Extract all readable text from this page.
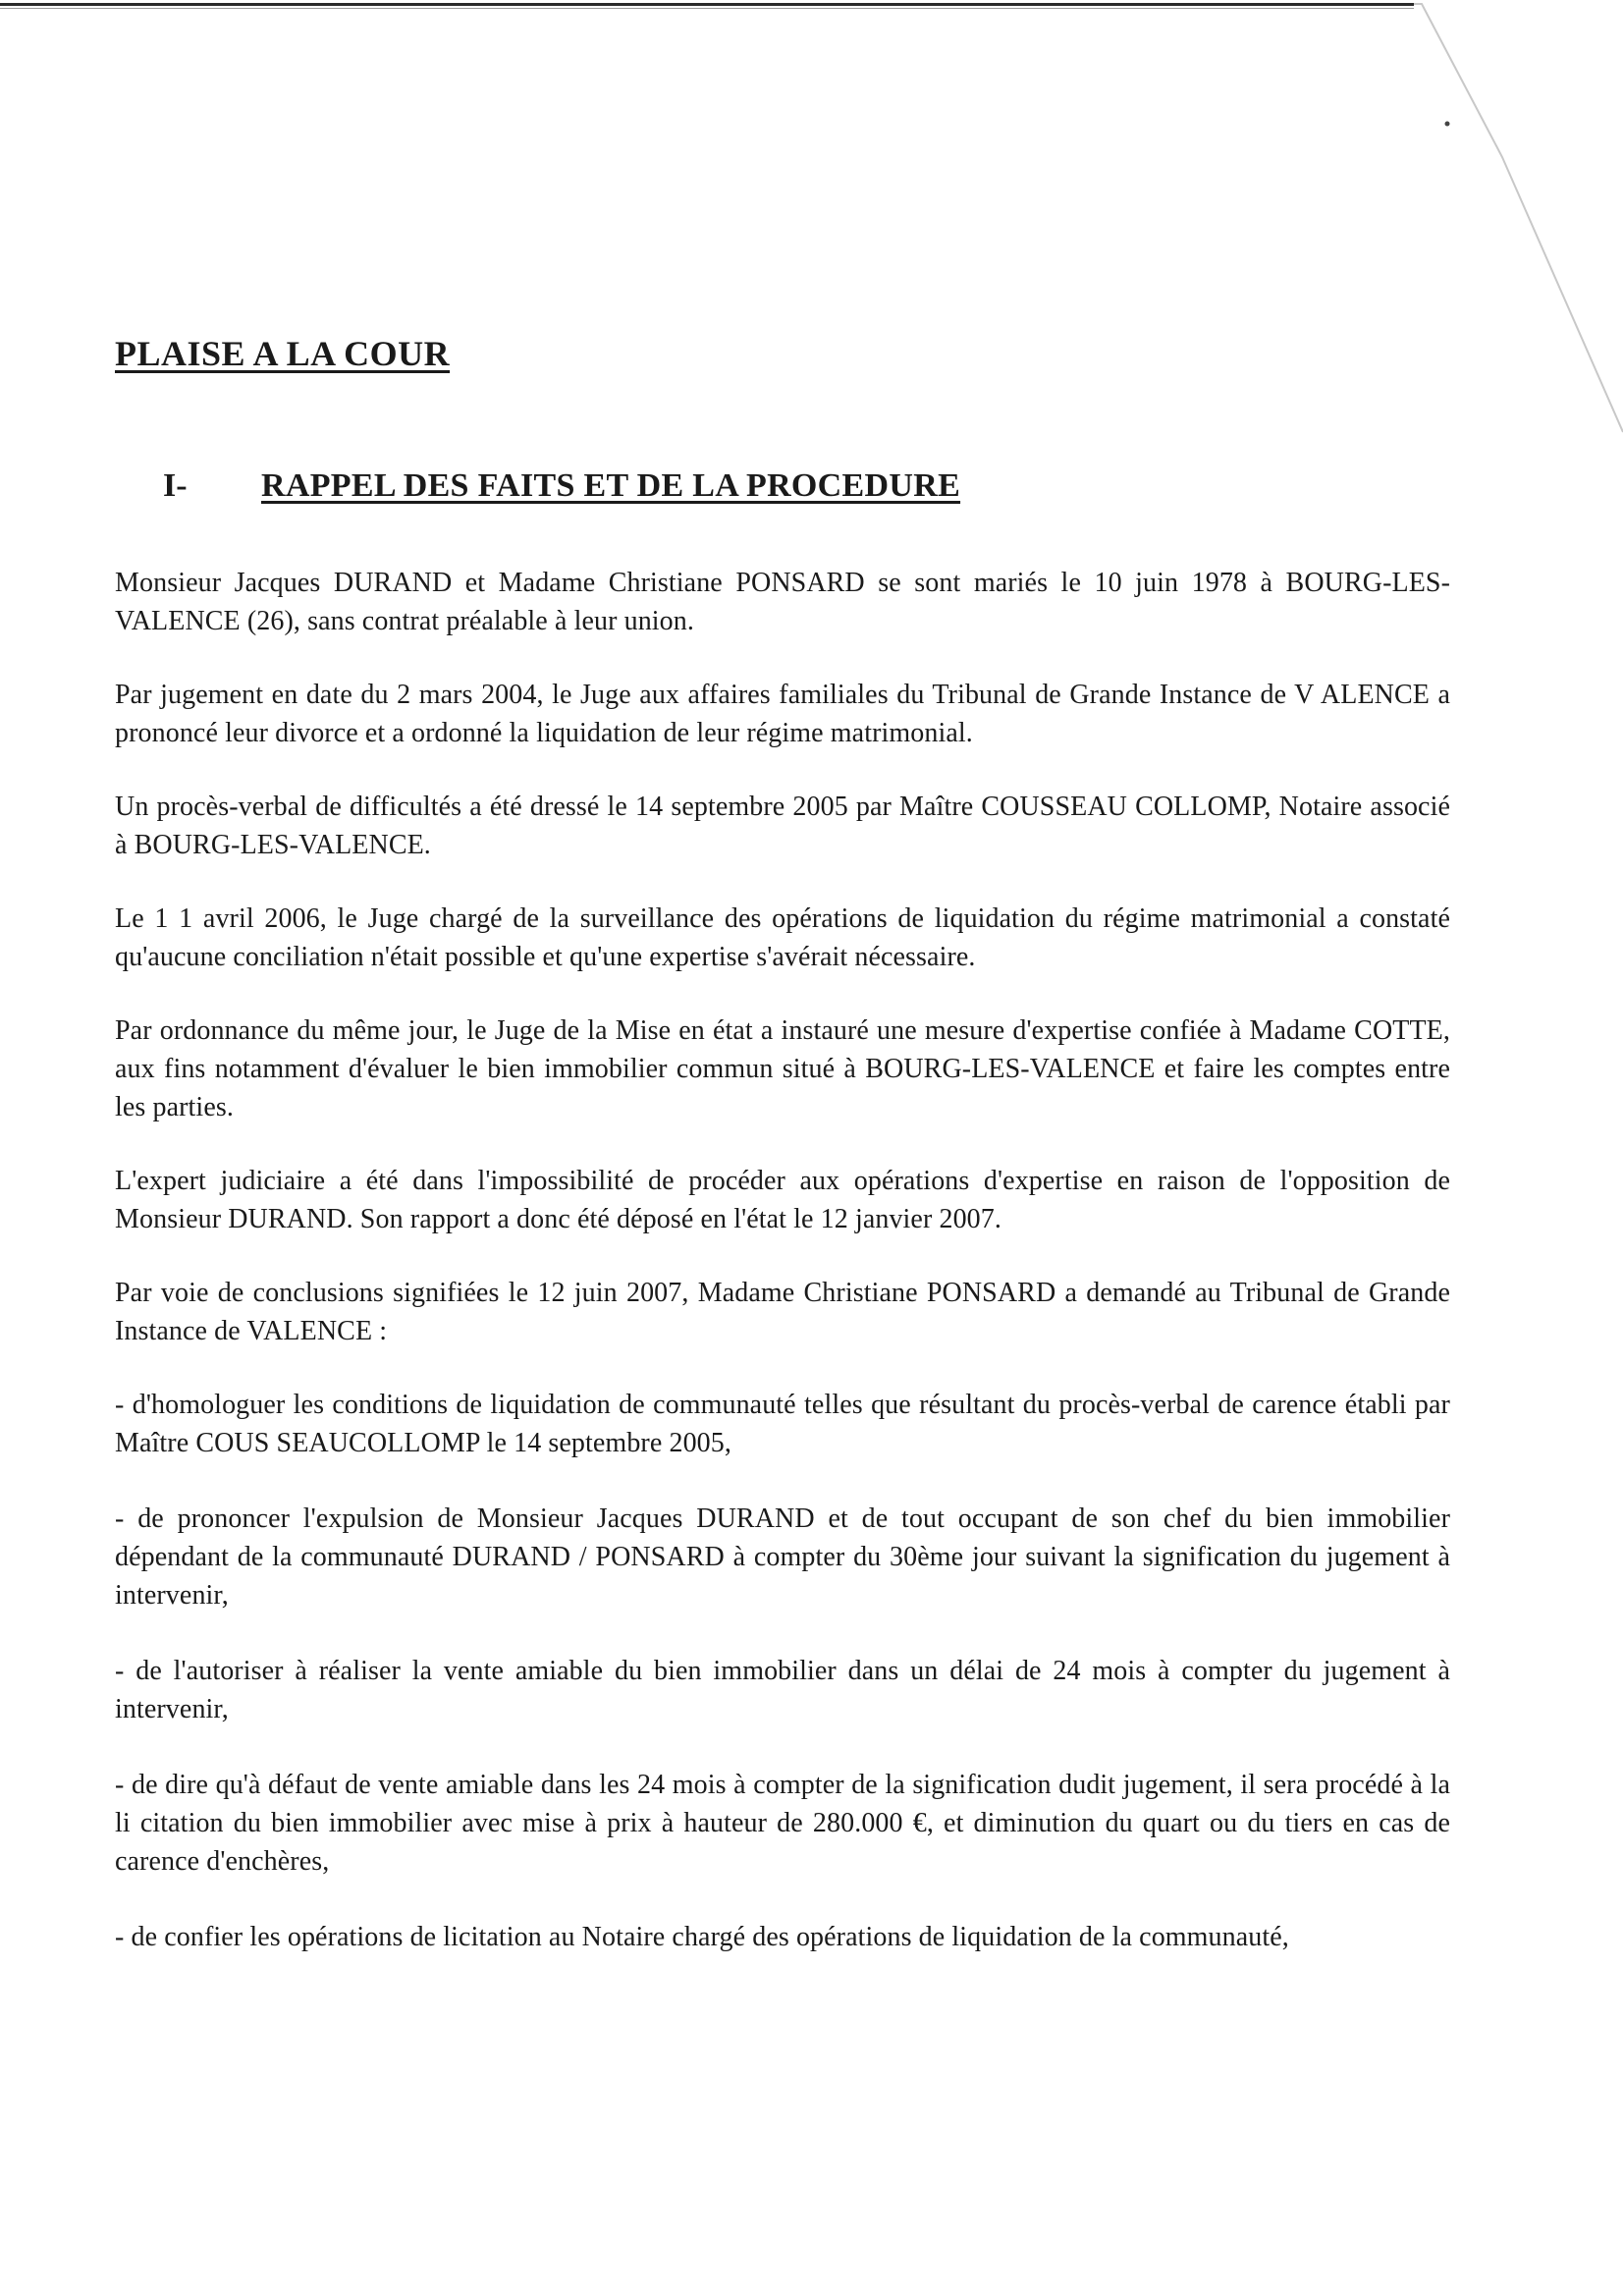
PLAISE A LA COUR
I-	RAPPEL DES FAITS ET DE LA PROCEDURE

Monsieur Jacques DURAND et Madame Christiane PONSARD se sont mariés le 10 juin 1978 à BOURG-LES-VALENCE (26), sans contrat préalable à leur union.

Par jugement en date du 2 mars 2004, le Juge aux affaires familiales du Tribunal de Grande Instance de V ALENCE a prononcé leur divorce et a ordonné la liquidation de leur régime matrimonial.

Un procès-verbal de difficultés a été dressé le 14 septembre 2005 par Maître COUSSEAU COLLOMP, Notaire associé à BOURG-LES-VALENCE.

Le 1 1 avril 2006, le Juge chargé de la surveillance des opérations de liquidation du régime matrimonial a constaté qu'aucune conciliation n'était possible et qu'une expertise s'avérait nécessaire.

Par ordonnance du même jour, le Juge de la Mise en état a instauré une mesure d'expertise confiée à Madame COTTE, aux fins notamment d'évaluer le bien immobilier commun situé à BOURG-LES-VALENCE et faire les comptes entre les parties.

L'expert judiciaire a été dans l'impossibilité de procéder aux opérations d'expertise en raison de l'opposition de Monsieur DURAND. Son rapport a donc été déposé en l'état le 12 janvier 2007.

Par voie de conclusions signifiées le 12 juin 2007, Madame Christiane PONSARD a demandé au Tribunal de Grande Instance de VALENCE :

- d'homologuer les conditions de liquidation de communauté telles que résultant du procès-verbal de carence établi par Maître COUS SEAUCOLLOMP le 14 septembre 2005,

- de prononcer l'expulsion de Monsieur Jacques DURAND et de tout occupant de son chef du bien immobilier dépendant de la communauté DURAND / PONSARD à compter du 30ème jour suivant la signification du jugement à intervenir,

- de l'autoriser à réaliser la vente amiable du bien immobilier dans un délai de 24 mois à compter du jugement à intervenir,

- de dire qu'à défaut de vente amiable dans les 24 mois à compter de la signification dudit jugement, il sera procédé à la li citation du bien immobilier avec mise à prix à hauteur de 280.000 €, et diminution du quart ou du tiers en cas de carence d'enchères,

- de confier les opérations de licitation au Notaire chargé des opérations de liquidation de la communauté,
